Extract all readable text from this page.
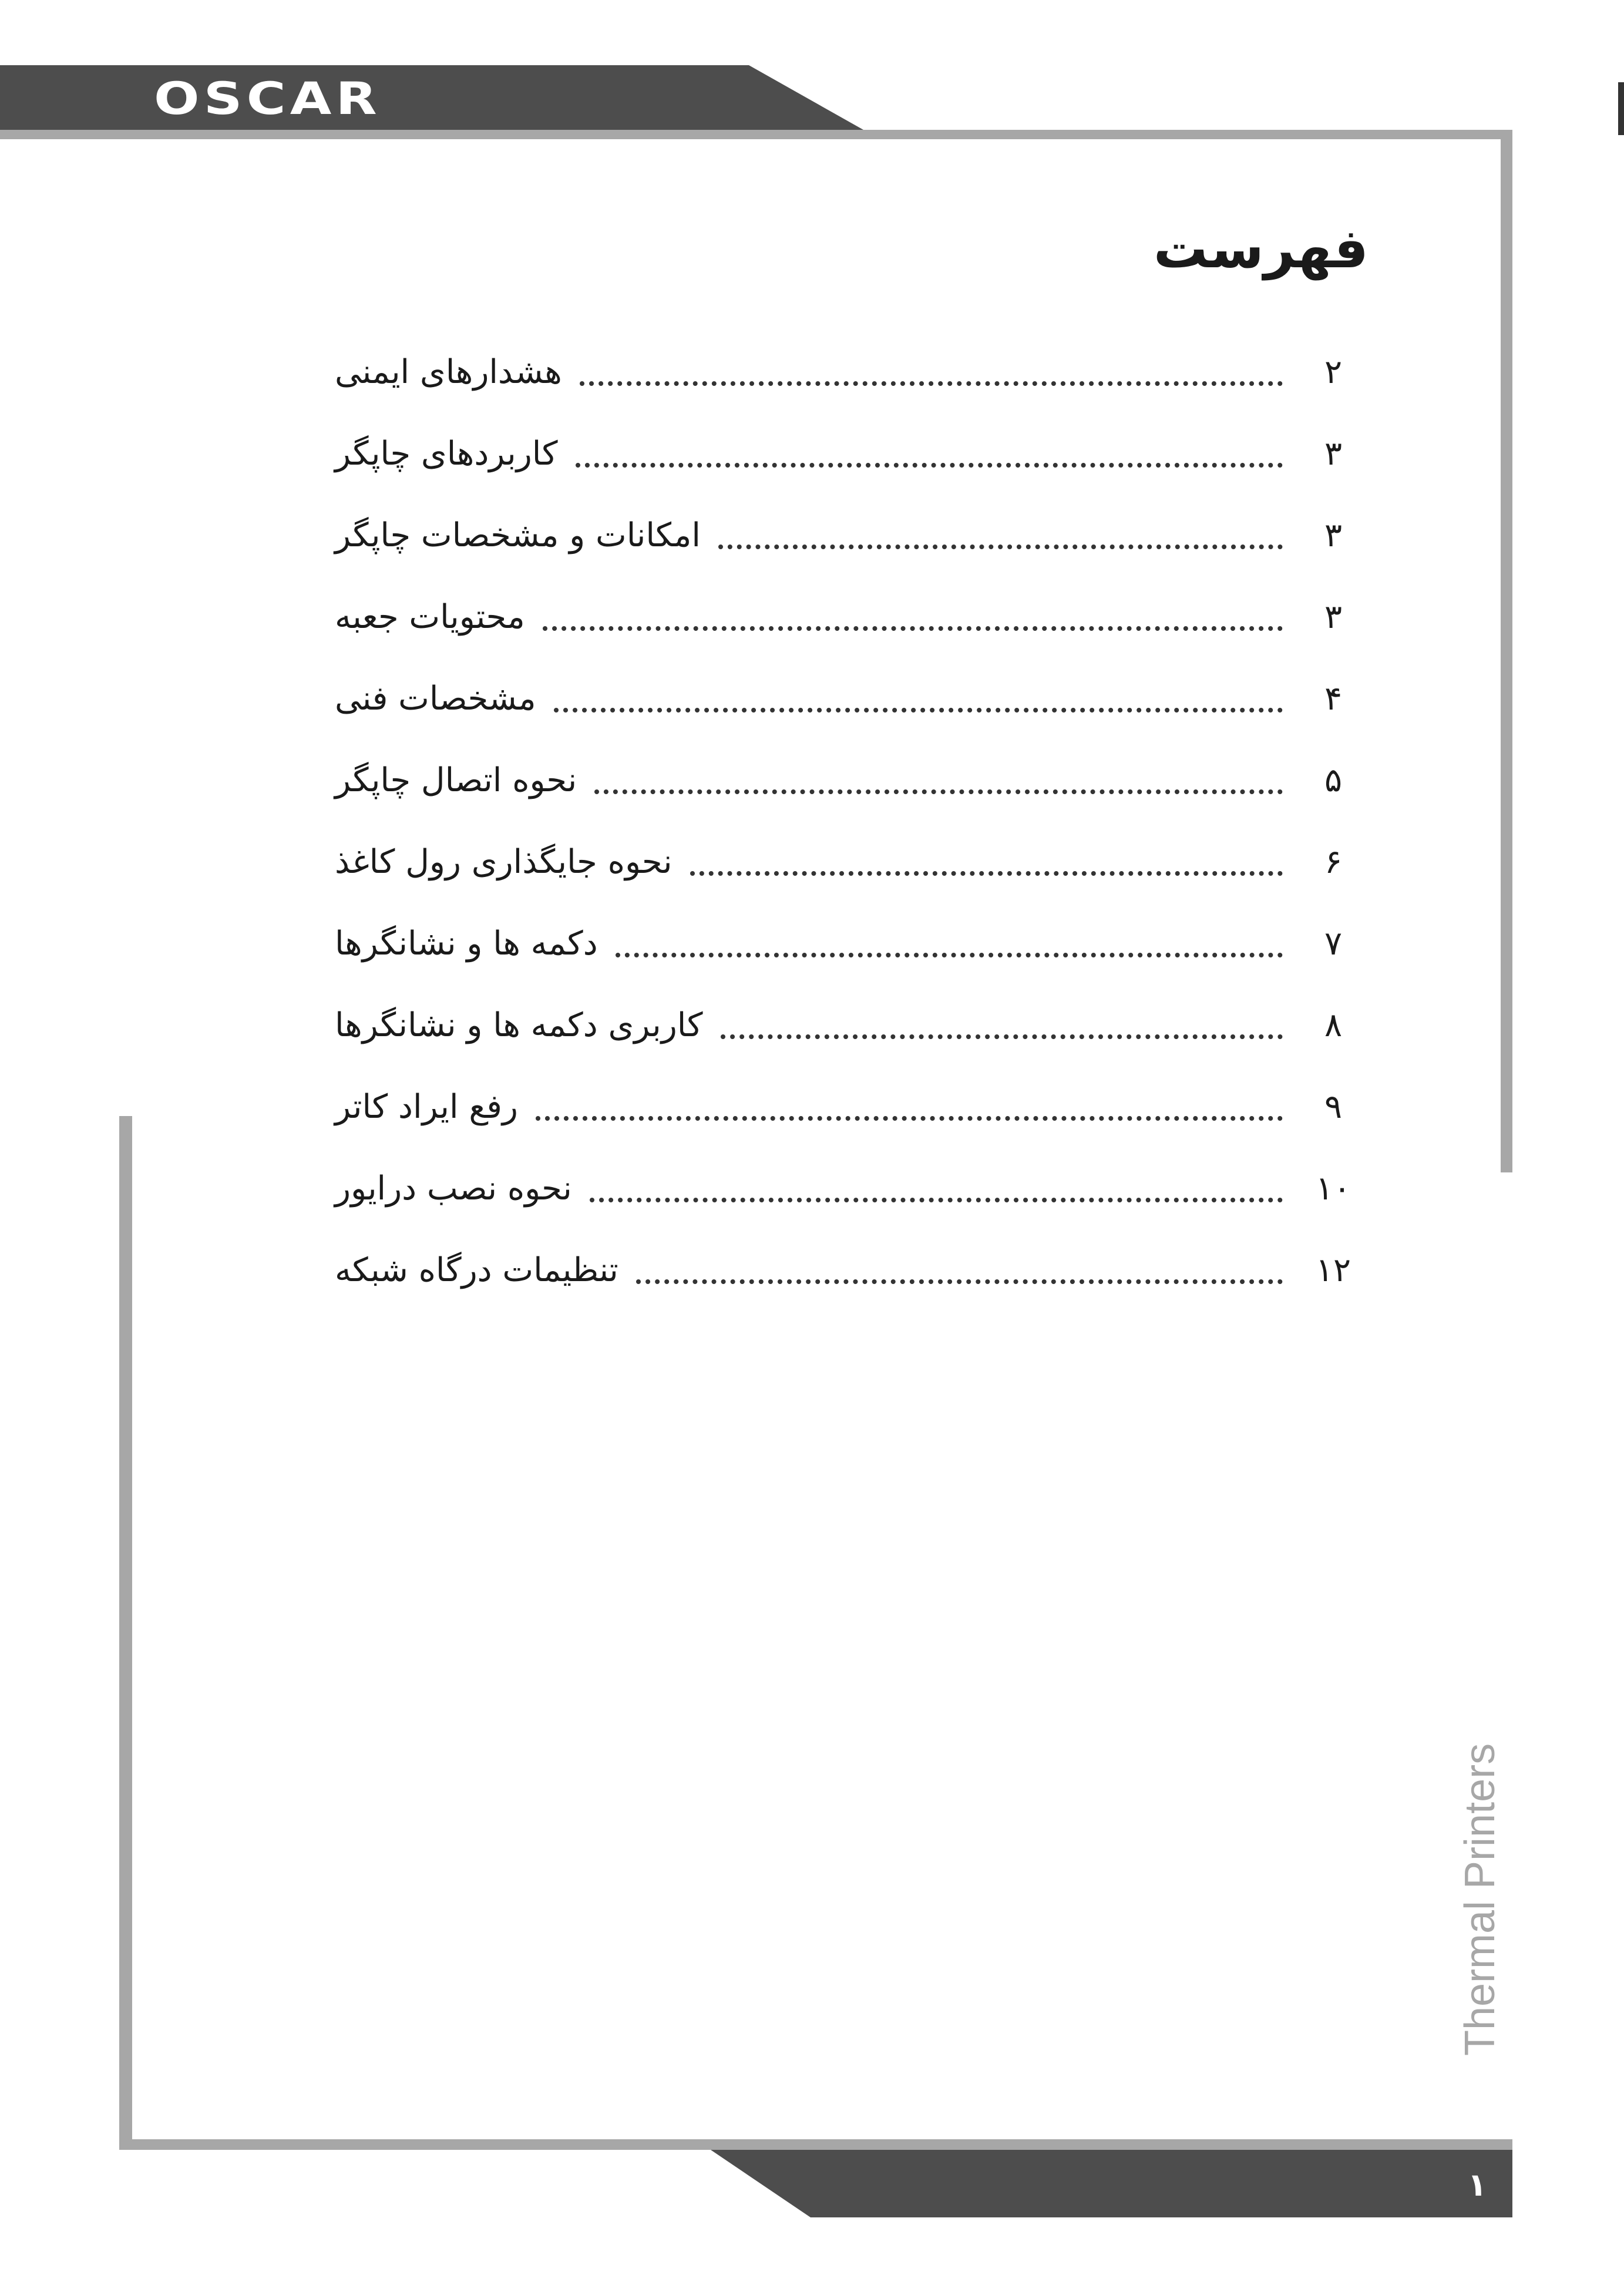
OSCAR
فهرست
هشدارهای ایمنی	۲
کاربردهای چاپگر	۳
امکانات و مشخصات چاپگر	۳
محتویات جعبه	۳
مشخصات فنی	۴
نحوه اتصال چاپگر	۵
نحوه جایگذاری رول کاغذ	۶
دکمه ها و نشانگرها	۷
کاربری دکمه ها و نشانگرها	۸
رفع ایراد کاتر	۹
نحوه نصب درایور	۱۰
تنظیمات درگاه شبکه	۱۲
Thermal Printers
۱
